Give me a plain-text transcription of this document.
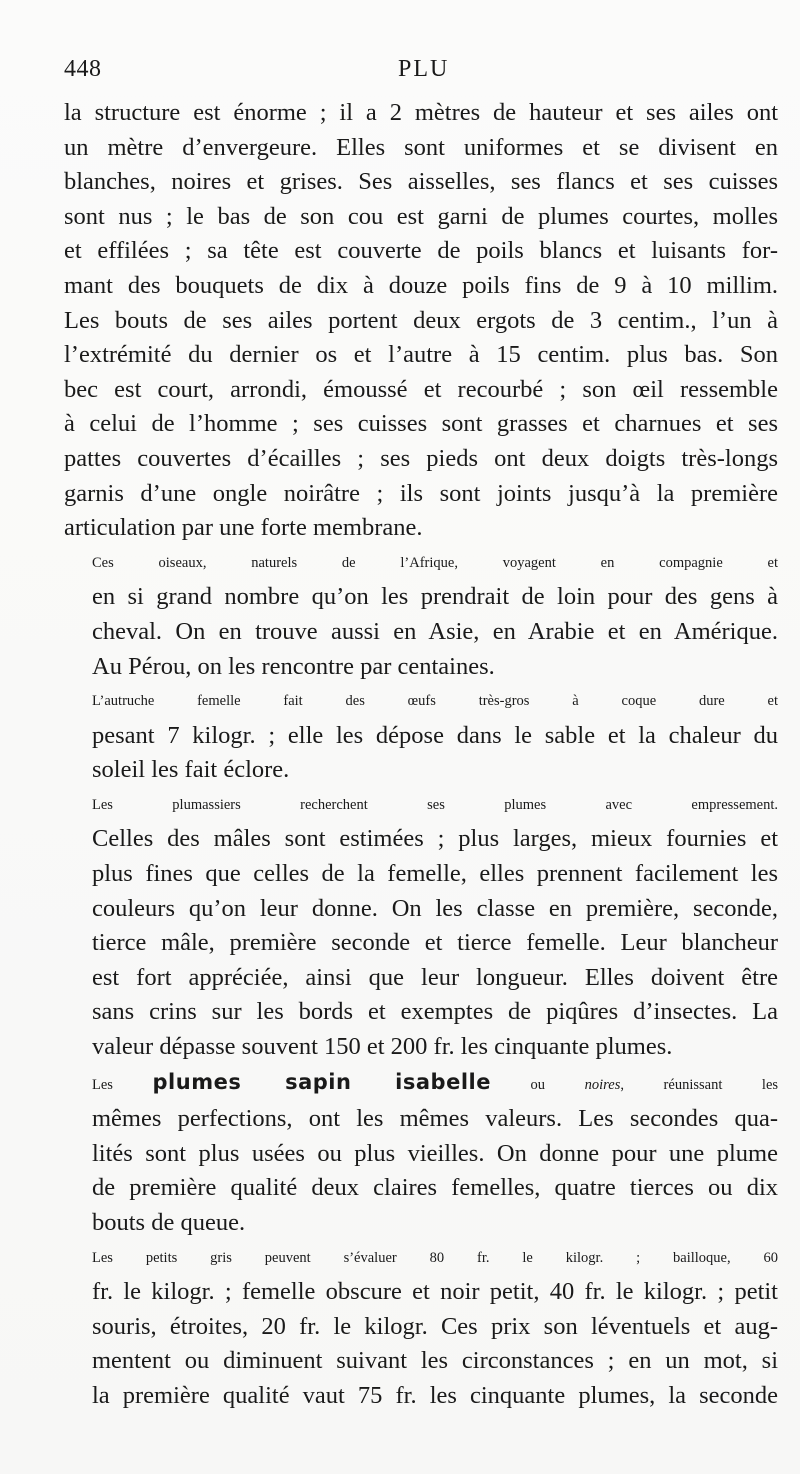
448	PLU

la structure est énorme ; il a 2 mètres de hauteur et ses ailes ont
un mètre d’envergeure. Elles sont uniformes et se divisent en
blanches, noires et grises. Ses aisselles, ses flancs et ses cuisses
sont nus ; le bas de son cou est garni de plumes courtes, molles
et effilées ; sa tête est couverte de poils blancs et luisants for-
mant des bouquets de dix à douze poils fins de 9 à 10 millim.
Les bouts de ses ailes portent deux ergots de 3 centim., l’un à
l’extrémité du dernier os et l’autre à 15 centim. plus bas. Son
bec est court, arrondi, émoussé et recourbé ; son œil ressemble
à celui de l’homme ; ses cuisses sont grasses et charnues et ses
pattes couvertes d’écailles ; ses pieds ont deux doigts très-longs
garnis d’une ongle noirâtre ; ils sont joints jusqu’à la première
articulation par une forte membrane.

Ces oiseaux, naturels de l’Afrique, voyagent en compagnie et
en si grand nombre qu’on les prendrait de loin pour des gens à
cheval. On en trouve aussi en Asie, en Arabie et en Amérique.
Au Pérou, on les rencontre par centaines.

L’autruche femelle fait des œufs très-gros à coque dure et
pesant 7 kilogr. ; elle les dépose dans le sable et la chaleur du
soleil les fait éclore.

Les plumassiers recherchent ses plumes avec empressement.
Celles des mâles sont estimées ; plus larges, mieux fournies et
plus fines que celles de la femelle, elles prennent facilement les
couleurs qu’on leur donne. On les classe en première, seconde,
tierce mâle, première seconde et tierce femelle. Leur blancheur
est fort appréciée, ainsi que leur longueur. Elles doivent être
sans crins sur les bords et exemptes de piqûres d’insectes. La
valeur dépasse souvent 150 et 200 fr. les cinquante plumes.

Les plumes sapin isabelle ou noires, réunissant les
mêmes perfections, ont les mêmes valeurs. Les secondes qua-
lités sont plus usées ou plus vieilles. On donne pour une plume
de première qualité deux claires femelles, quatre tierces ou dix
bouts de queue.

Les petits gris peuvent s’évaluer 80 fr. le kilogr. ; bailloque, 60
fr. le kilogr. ; femelle obscure et noir petit, 40 fr. le kilogr. ; petit
souris, étroites, 20 fr. le kilogr. Ces prix son léventuels et aug-
mentent ou diminuent suivant les circonstances ; en un mot, si
la première qualité vaut 75 fr. les cinquante plumes, la seconde
